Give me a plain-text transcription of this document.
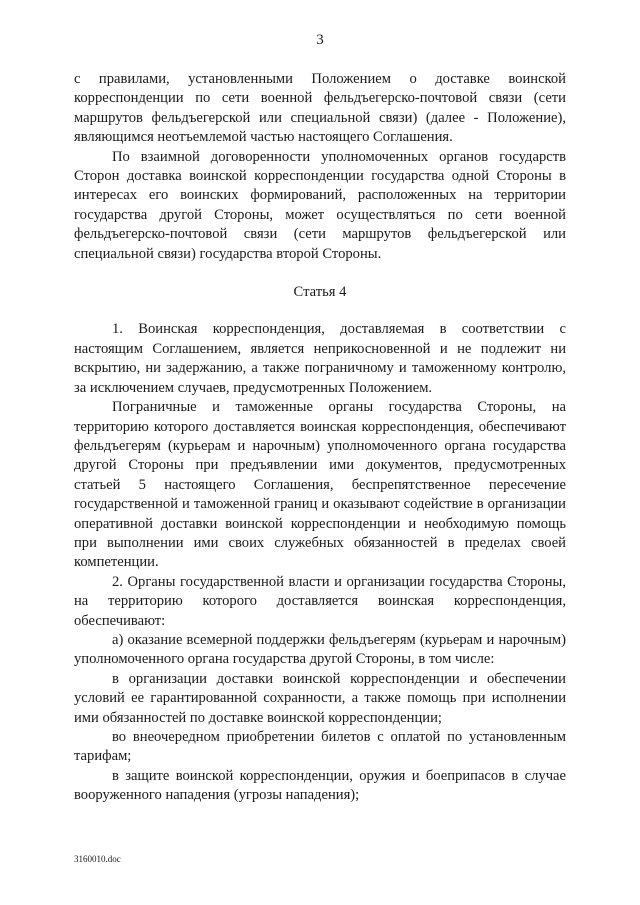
3

с правилами, установленными Положением о доставке воинской корреспонденции по сети военной фельдъегерско-почтовой связи (сети маршрутов фельдъегерской или специальной связи) (далее - Положение), являющимся неотъемлемой частью настоящего Соглашения.

По взаимной договоренности уполномоченных органов государств Сторон доставка воинской корреспонденции государства одной Стороны в интересах его воинских формирований, расположенных на территории государства другой Стороны, может осуществляться по сети военной фельдъегерско-почтовой связи (сети маршрутов фельдъегерской или специальной связи) государства второй Стороны.

Статья 4

1. Воинская корреспонденция, доставляемая в соответствии с настоящим Соглашением, является неприкосновенной и не подлежит ни вскрытию, ни задержанию, а также пограничному и таможенному контролю, за исключением случаев, предусмотренных Положением.

Пограничные и таможенные органы государства Стороны, на территорию которого доставляется воинская корреспонденция, обеспечивают фельдъегерям (курьерам и нарочным) уполномоченного органа государства другой Стороны при предъявлении ими документов, предусмотренных статьей 5 настоящего Соглашения, беспрепятственное пересечение государственной и таможенной границ и оказывают содействие в организации оперативной доставки воинской корреспонденции и необходимую помощь при выполнении ими своих служебных обязанностей в пределах своей компетенции.

2. Органы государственной власти и организации государства Стороны, на территорию которого доставляется воинская корреспонденция, обеспечивают:

а) оказание всемерной поддержки фельдъегерям (курьерам и нарочным) уполномоченного органа государства другой Стороны, в том числе:

в организации доставки воинской корреспонденции и обеспечении условий ее гарантированной сохранности, а также помощь при исполнении ими обязанностей по доставке воинской корреспонденции;

во внеочередном приобретении билетов с оплатой по установленным тарифам;

в защите воинской корреспонденции, оружия и боеприпасов в случае вооруженного нападения (угрозы нападения);

3160010.doc
